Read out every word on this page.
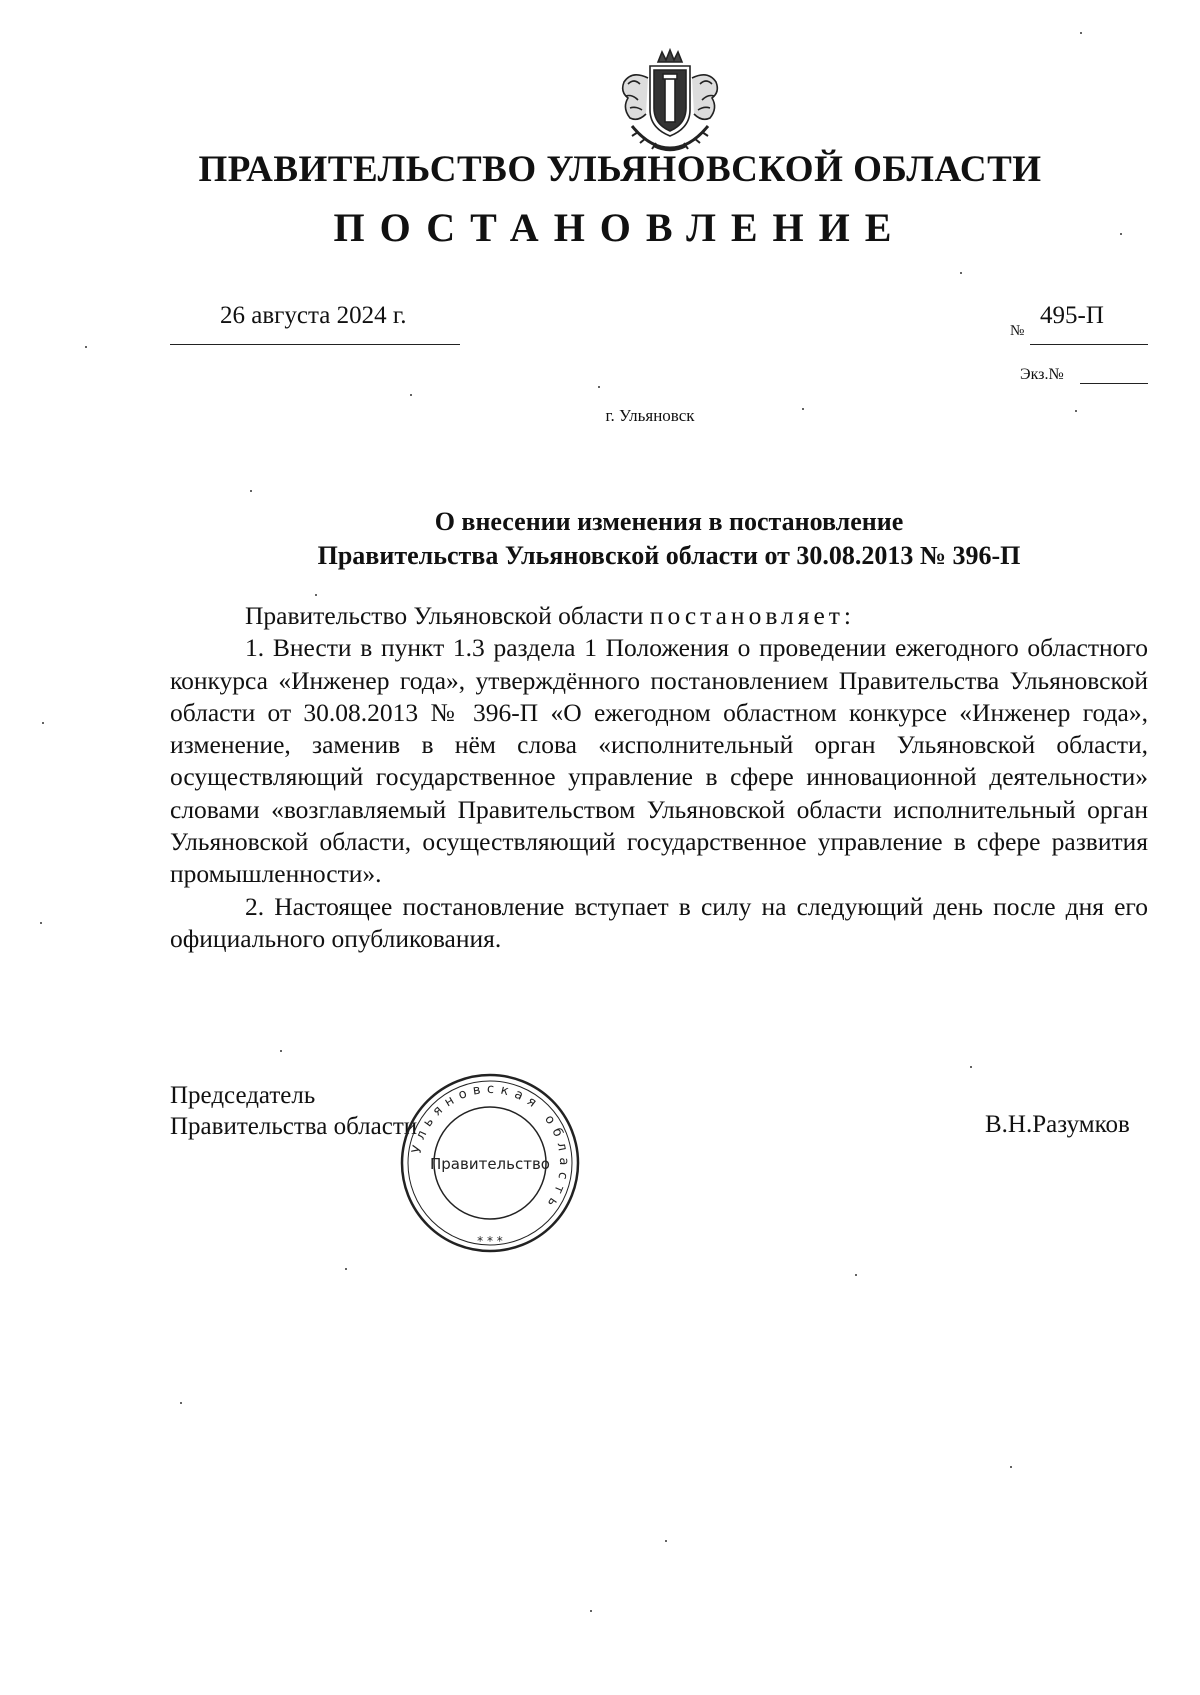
ПРАВИТЕЛЬСТВО УЛЬЯНОВСКОЙ ОБЛАСТИ
ПОСТАНОВЛЕНИЕ
26 августа 2024 г.
№
495-П
Экз.№
г. Ульяновск
О внесении изменения в постановление
Правительства Ульяновской области от 30.08.2013 № 396-П

Правительство Ульяновской области постановляет:

1. Внести в пункт 1.3 раздела 1 Положения о проведении ежегодного областного конкурса «Инженер года», утверждённого постановлением Правительства Ульяновской области от 30.08.2013 № 396-П «О ежегодном областном конкурсе «Инженер года», изменение, заменив в нём слова «исполнительный орган Ульяновской области, осуществляющий государственное управление в сфере инновационной деятельности» словами «возглавляемый Правительством Ульяновской области исполнительный орган Ульяновской области, осуществляющий государственное управление в сфере развития промышленности».

2. Настоящее постановление вступает в силу на следующий день после дня его официального опубликования.

Председатель
Правительства области	В.Н.Разумков
Ульяновская область
Правительство
* * *
